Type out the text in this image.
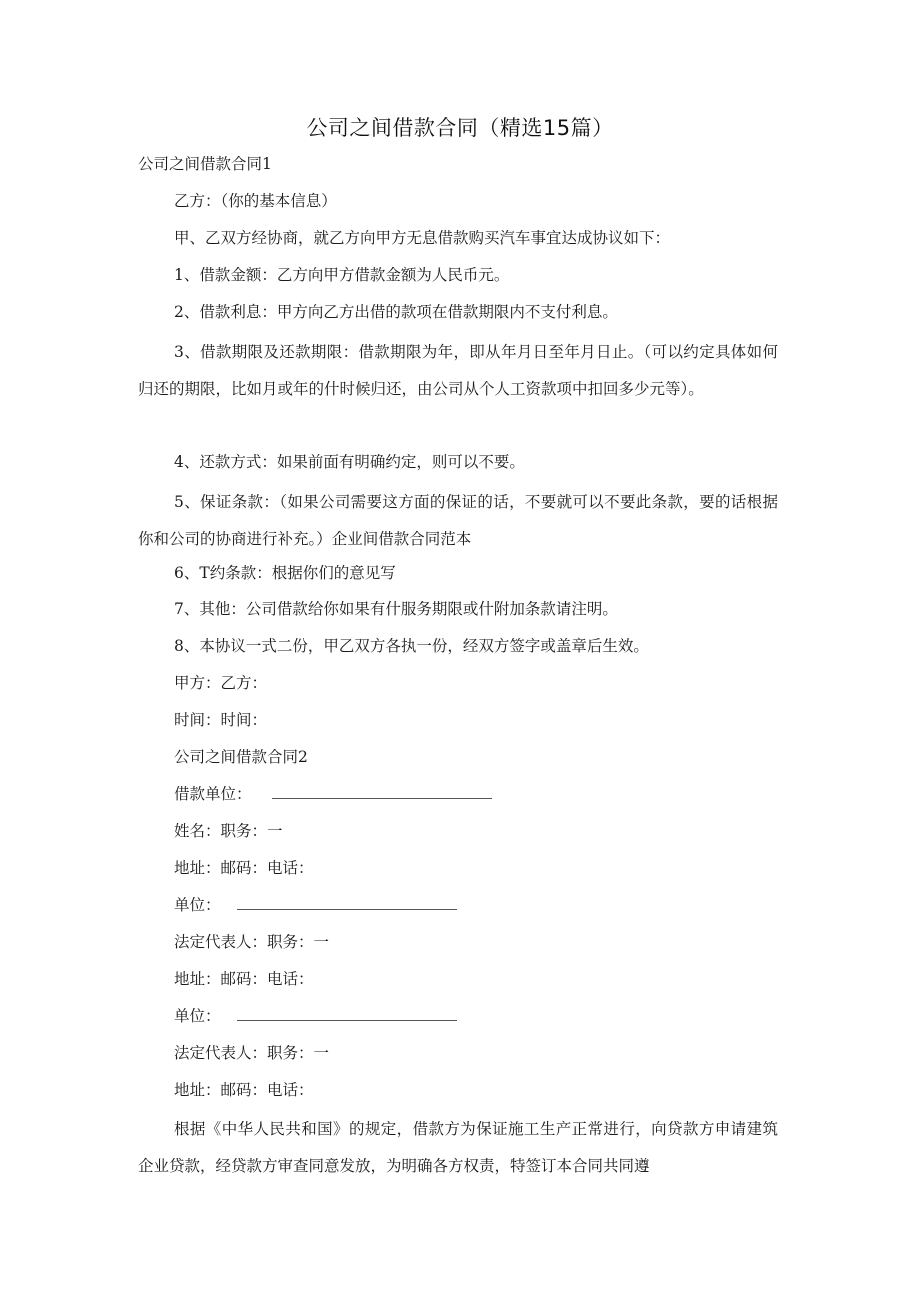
公司之间借款合同（精选15篇）
公司之间借款合同1
乙方：（你的基本信息）
甲、乙双方经协商，就乙方向甲方无息借款购买汽车事宜达成协议如下：
1、借款金额：乙方向甲方借款金额为人民币元。
2、借款利息：甲方向乙方出借的款项在借款期限内不支付利息。
3、借款期限及还款期限：借款期限为年，即从年月日至年月日止。（可以约定具体如何归还的期限，比如月或年的什时候归还，由公司从个人工资款项中扣回多少元等）。
4、还款方式：如果前面有明确约定，则可以不要。
5、保证条款：（如果公司需要这方面的保证的话，不要就可以不要此条款，要的话根据你和公司的协商进行补充。）企业间借款合同范本
6、T约条款：根据你们的意见写
7、其他：公司借款给你如果有什服务期限或什附加条款请注明。
8、本协议一式二份，甲乙双方各执一份，经双方签字或盖章后生效。
甲方：乙方：
时间：时间：
公司之间借款合同2
借款单位：
姓名：职务：一
地址：邮码：电话：
单位：
法定代表人：职务：一
地址：邮码：电话：
单位：
法定代表人：职务：一
地址：邮码：电话：
根据《中华人民共和国》的规定，借款方为保证施工生产正常进行，向贷款方申请建筑企业贷款，经贷款方审查同意发放，为明确各方权责，特签订本合同共同遵
